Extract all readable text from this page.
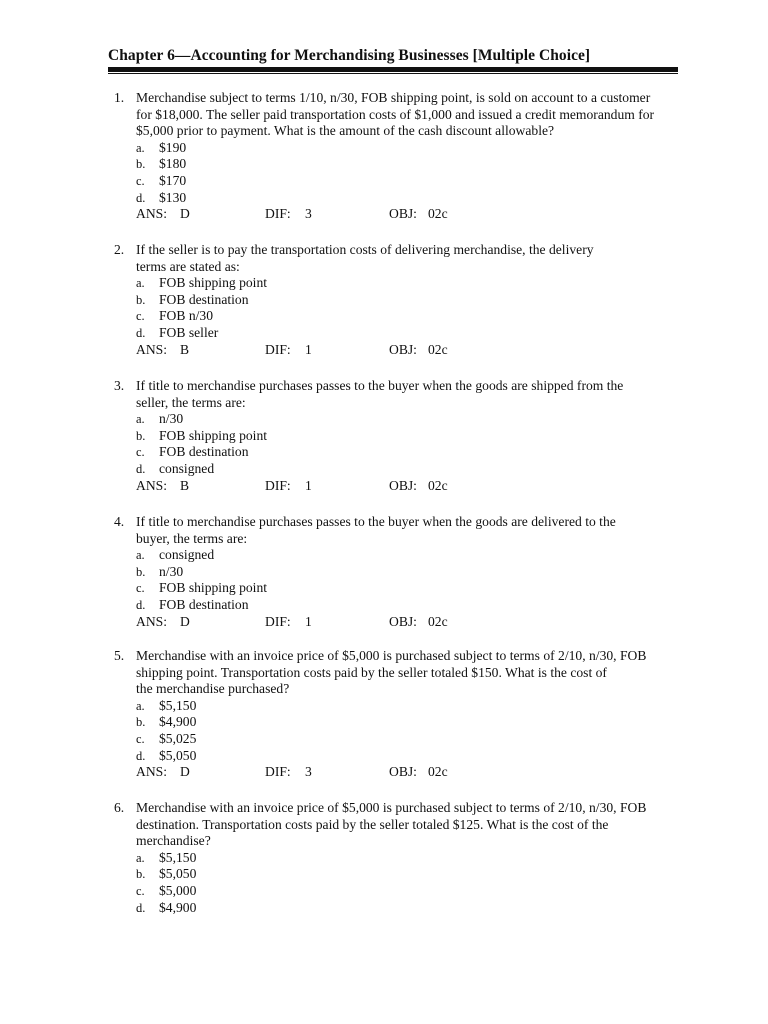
Chapter 6—Accounting for Merchandising Businesses [Multiple Choice]
1. Merchandise subject to terms 1/10, n/30, FOB shipping point, is sold on account to a customer
for $18,000. The seller paid transportation costs of $1,000 and issued a credit memorandum for
$5,000 prior to payment. What is the amount of the cash discount allowable?
a. $190
b. $180
c. $170
d. $130
ANS: D	DIF: 3	OBJ: 02c
2. If the seller is to pay the transportation costs of delivering merchandise, the delivery
terms are stated as:
a. FOB shipping point
b. FOB destination
c. FOB n/30
d. FOB seller
ANS: B	DIF: 1	OBJ: 02c
3. If title to merchandise purchases passes to the buyer when the goods are shipped from the
seller, the terms are:
a. n/30
b. FOB shipping point
c. FOB destination
d. consigned
ANS: B	DIF: 1	OBJ: 02c
4. If title to merchandise purchases passes to the buyer when the goods are delivered to the
buyer, the terms are:
a. consigned
b. n/30
c. FOB shipping point
d. FOB destination
ANS: D	DIF: 1	OBJ: 02c
5. Merchandise with an invoice price of $5,000 is purchased subject to terms of 2/10, n/30, FOB
shipping point. Transportation costs paid by the seller totaled $150. What is the cost of
the merchandise purchased?
a. $5,150
b. $4,900
c. $5,025
d. $5,050
ANS: D	DIF: 3	OBJ: 02c
6. Merchandise with an invoice price of $5,000 is purchased subject to terms of 2/10, n/30, FOB
destination. Transportation costs paid by the seller totaled $125. What is the cost of the
merchandise?
a. $5,150
b. $5,050
c. $5,000
d. $4,900
